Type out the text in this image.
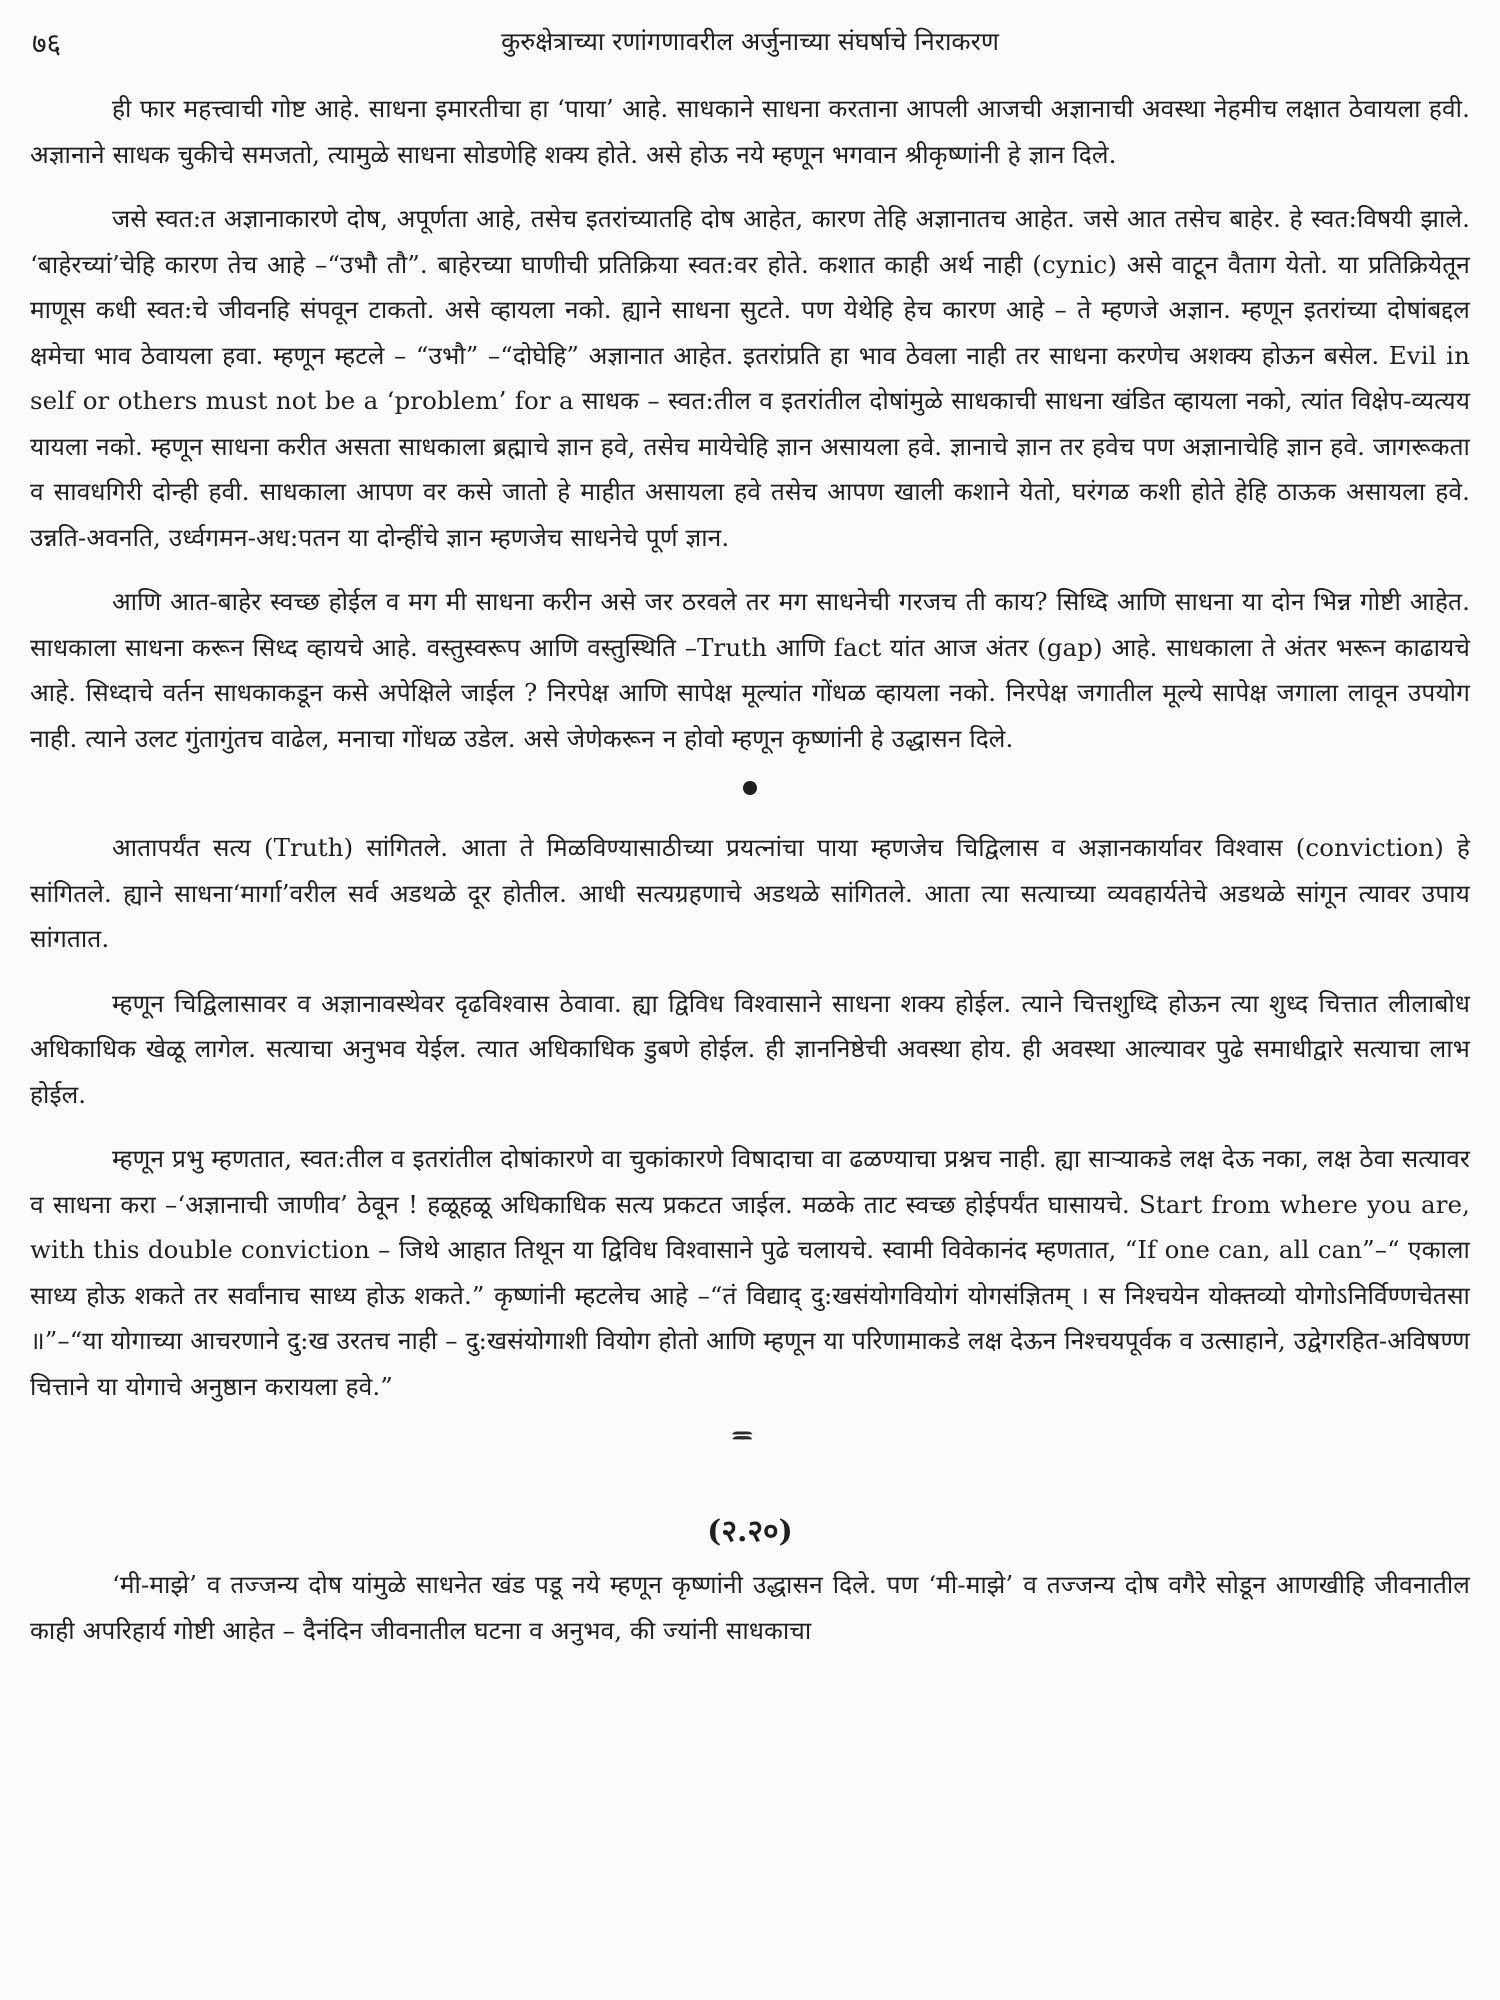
७६	कुरुक्षेत्राच्या रणांगणावरील अर्जुनाच्या संघर्षाचे निराकरण

ही फार महत्त्वाची गोष्ट आहे. साधना इमारतीचा हा ‘पाया’ आहे. साधकाने साधना करताना आपली आजची अज्ञानाची अवस्था नेहमीच लक्षात ठेवायला हवी. अज्ञानाने साधक चुकीचे समजतो, त्यामुळे साधना सोडणेहि शक्य होते. असे होऊ नये म्हणून भगवान श्रीकृष्णांनी हे ज्ञान दिले.

जसे स्वत:त अज्ञानाकारणे दोष, अपूर्णता आहे, तसेच इतरांच्यातहि दोष आहेत, कारण तेहि अज्ञानातच आहेत. जसे आत तसेच बाहेर. हे स्वत:विषयी झाले. ‘बाहेरच्यां’चेहि कारण तेच आहे –“उभौ तौ”. बाहेरच्या घाणीची प्रतिक्रिया स्वत:वर होते. कशात काही अर्थ नाही (cynic) असे वाटून वैताग येतो. या प्रतिक्रियेतून माणूस कधी स्वत:चे जीवनहि संपवून टाकतो. असे व्हायला नको. ह्याने साधना सुटते. पण येथेहि हेच कारण आहे – ते म्हणजे अज्ञान. म्हणून इतरांच्या दोषांबद्दल क्षमेचा भाव ठेवायला हवा. म्हणून म्हटले – “उभौ” –“दोघेहि” अज्ञानात आहेत. इतरांप्रति हा भाव ठेवला नाही तर साधना करणेच अशक्य होऊन बसेल. Evil in self or others must not be a ‘problem’ for a साधक – स्वत:तील व इतरांतील दोषांमुळे साधकाची साधना खंडित व्हायला नको, त्यांत विक्षेप-व्यत्यय यायला नको. म्हणून साधना करीत असता साधकाला ब्रह्माचे ज्ञान हवे, तसेच मायेचेहि ज्ञान असायला हवे. ज्ञानाचे ज्ञान तर हवेच पण अज्ञानाचेहि ज्ञान हवे. जागरूकता व सावधगिरी दोन्ही हवी. साधकाला आपण वर कसे जातो हे माहीत असायला हवे तसेच आपण खाली कशाने येतो, घरंगळ कशी होते हेहि ठाऊक असायला हवे. उन्नति-अवनति, उर्ध्वगमन-अध:पतन या दोन्हींचे ज्ञान म्हणजेच साधनेचे पूर्ण ज्ञान.

आणि आत-बाहेर स्वच्छ होईल व मग मी साधना करीन असे जर ठरवले तर मग साधनेची गरजच ती काय? सिध्दि आणि साधना या दोन भिन्न गोष्टी आहेत. साधकाला साधना करून सिध्द व्हायचे आहे. वस्तुस्वरूप आणि वस्तुस्थिति –Truth आणि fact यांत आज अंतर (gap) आहे. साधकाला ते अंतर भरून काढायचे आहे. सिध्दाचे वर्तन साधकाकडून कसे अपेक्षिले जाईल ? निरपेक्ष आणि सापेक्ष मूल्यांत गोंधळ व्हायला नको. निरपेक्ष जगातील मूल्ये सापेक्ष जगाला लावून उपयोग नाही. त्याने उलट गुंतागुंतच वाढेल, मनाचा गोंधळ उडेल. असे जेणेकरून न होवो म्हणून कृष्णांनी हे उद्धासन दिले.

आतापर्यंत सत्य (Truth) सांगितले. आता ते मिळविण्यासाठीच्या प्रयत्नांचा पाया म्हणजेच चिद्विलास व अज्ञानकार्यावर विश्वास (conviction) हे सांगितले. ह्याने साधना‘मार्गा’वरील सर्व अडथळे दूर होतील. आधी सत्यग्रहणाचे अडथळे सांगितले. आता त्या सत्याच्या व्यवहार्यतेचे अडथळे सांगून त्यावर उपाय सांगतात.

म्हणून चिद्विलासावर व अज्ञानावस्थेवर दृढविश्वास ठेवावा. ह्या द्विविध विश्वासाने साधना शक्य होईल. त्याने चित्तशुध्दि होऊन त्या शुध्द चित्तात लीलाबोध अधिकाधिक खेळू लागेल. सत्याचा अनुभव येईल. त्यात अधिकाधिक डुबणे होईल. ही ज्ञाननिष्ठेची अवस्था होय. ही अवस्था आल्यावर पुढे समाधीद्वारे सत्याचा लाभ होईल.

म्हणून प्रभु म्हणतात, स्वत:तील व इतरांतील दोषांकारणे वा चुकांकारणे विषादाचा वा ढळण्याचा प्रश्नच नाही. ह्या साऱ्याकडे लक्ष देऊ नका, लक्ष ठेवा सत्यावर व साधना करा –‘अज्ञानाची जाणीव’ ठेवून ! हळूहळू अधिकाधिक सत्य प्रकटत जाईल. मळके ताट स्वच्छ होईपर्यंत घासायचे. Start from where you are, with this double conviction – जिथे आहात तिथून या द्विविध विश्वासाने पुढे चलायचे. स्वामी विवेकानंद म्हणतात, “If one can, all can”–“ एकाला साध्य होऊ शकते तर सर्वांनाच साध्य होऊ शकते.” कृष्णांनी म्हटलेच आहे –“तं विद्याद् दु:खसंयोगवियोगं योगसंज्ञितम् । स निश्चयेन योक्तव्यो योगोऽनिर्विण्णचेतसा ॥”–“या योगाच्या आचरणाने दु:ख उरतच नाही – दु:खसंयोगाशी वियोग होतो आणि म्हणून या परिणामाकडे लक्ष देऊन निश्चयपूर्वक व उत्साहाने, उद्वेगरहित-अविषण्ण चित्ताने या योगाचे अनुष्ठान करायला हवे.”

ꩰꩰꩰꩰꩰꩰꩰꩰꩰꩰꩰ
(२.२०)

‘मी-माझे’ व तज्जन्य दोष यांमुळे साधनेत खंड पडू नये म्हणून कृष्णांनी उद्धासन दिले. पण ‘मी-माझे’ व तज्जन्य दोष वगैरे सोडून आणखीहि जीवनातील काही अपरिहार्य गोष्टी आहेत – दैनंदिन जीवनातील घटना व अनुभव, की ज्यांनी साधकाचा
